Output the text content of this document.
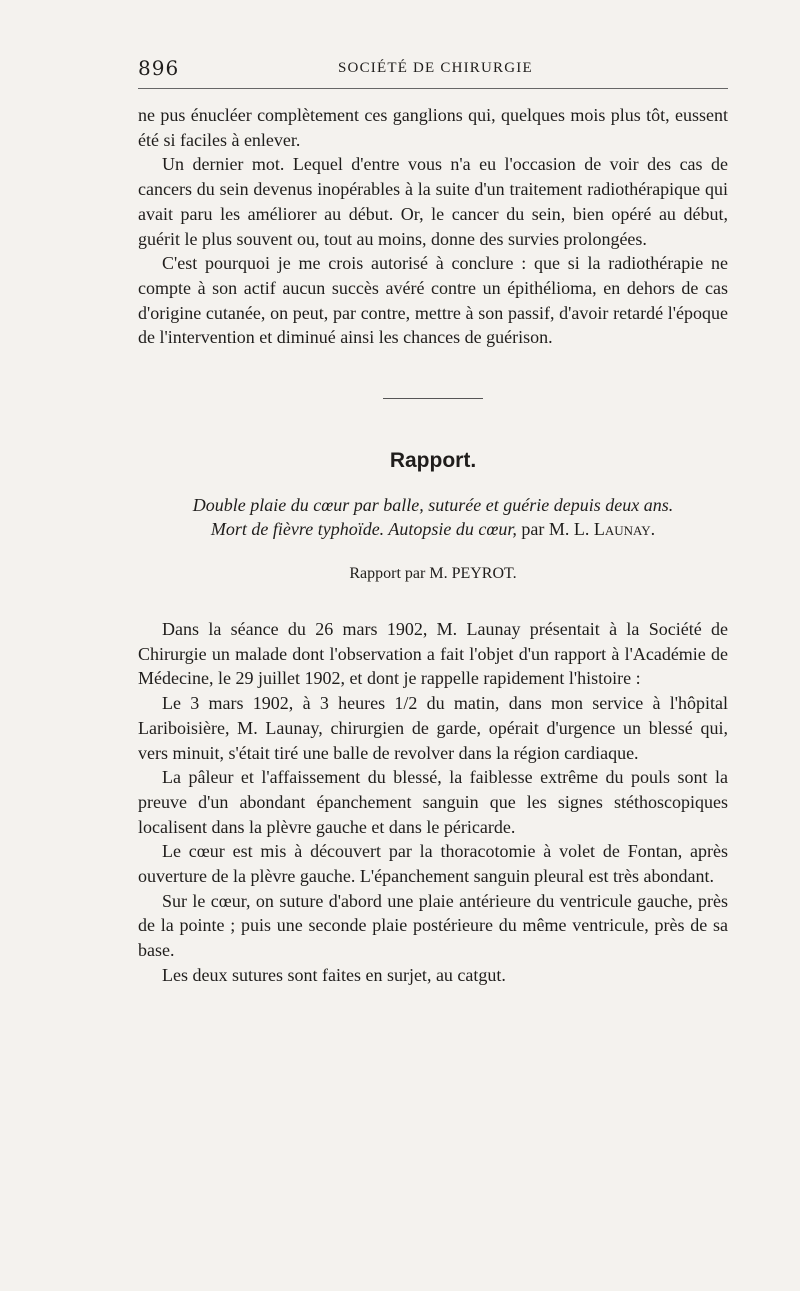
896	SOCIÉTÉ DE CHIRURGIE

ne pus énucléer complètement ces ganglions qui, quelques mois plus tôt, eussent été si faciles à enlever.

Un dernier mot. Lequel d'entre vous n'a eu l'occasion de voir des cas de cancers du sein devenus inopérables à la suite d'un traitement radiothérapique qui avait paru les améliorer au début. Or, le cancer du sein, bien opéré au début, guérit le plus souvent ou, tout au moins, donne des survies prolongées.

C'est pourquoi je me crois autorisé à conclure : que si la radiothérapie ne compte à son actif aucun succès avéré contre un épithélioma, en dehors de cas d'origine cutanée, on peut, par contre, mettre à son passif, d'avoir retardé l'époque de l'intervention et diminué ainsi les chances de guérison.

Rapport.
Double plaie du cœur par balle, suturée et guérie depuis deux ans.
Mort de fièvre typhoïde. Autopsie du cœur, par M. L. Launay.
Rapport par M. PEYROT.

Dans la séance du 26 mars 1902, M. Launay présentait à la Société de Chirurgie un malade dont l'observation a fait l'objet d'un rapport à l'Académie de Médecine, le 29 juillet 1902, et dont je rappelle rapidement l'histoire :

Le 3 mars 1902, à 3 heures 1/2 du matin, dans mon service à l'hôpital Lariboisière, M. Launay, chirurgien de garde, opérait d'urgence un blessé qui, vers minuit, s'était tiré une balle de revolver dans la région cardiaque.

La pâleur et l'affaissement du blessé, la faiblesse extrême du pouls sont la preuve d'un abondant épanchement sanguin que les signes stéthoscopiques localisent dans la plèvre gauche et dans le péricarde.

Le cœur est mis à découvert par la thoracotomie à volet de Fontan, après ouverture de la plèvre gauche. L'épanchement sanguin pleural est très abondant.

Sur le cœur, on suture d'abord une plaie antérieure du ventricule gauche, près de la pointe ; puis une seconde plaie postérieure du même ventricule, près de sa base.

Les deux sutures sont faites en surjet, au catgut.
